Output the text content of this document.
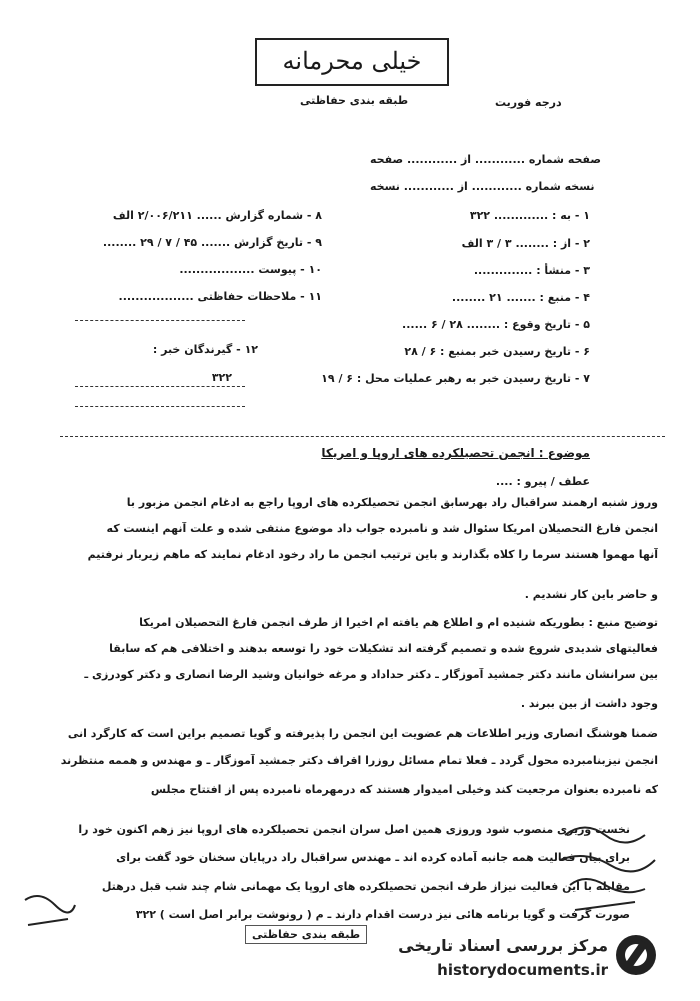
خیلی محرمانه
درجه فوریت
طبقه بندی حفاظتی
صفحه شماره ............ از ............ صفحه
نسخه شماره ............ از ............ نسخه
۱ - به : ............. ۳۲۲
۲ - از : ........ ۳ / ۳ الف
۳ - منشأ : ..............
۴ - منبع : ....... ۲۱ ........
۵ - تاریخ وقوع : ........ ۲۸ / ۶ ......
۶ - تاریخ رسیدن خبر بمنبع : ۶ / ۲۸
۷ - تاریخ رسیدن خبر به رهبر عملیات محل : ۶ / ۱۹
۸ - شماره گزارش ...... ۲/۰۰۶/۲۱۱ الف
۹ - تاریخ گزارش ....... ۴۵ / ۷ / ۲۹ ........
۱۰ - پیوست ..................
۱۱ - ملاحظات حفاظتی ..................
۱۲ - گیرندگان خبر :
۳۲۲
موضوع : انجمن تحصیلکرده های اروپا و امریکا
عطف / پیرو : ....
وروز شنبه ارهمند سراقبال راد بهرسابق انجمن تحصیلکرده های اروپا راجع به ادغام انجمن مزبور با
انجمن فارغ التحصیلان امریکا سئوال شد و نامبرده جواب داد موضوع منتفی شده و علت آنهم اینست که
آنها مهموا هستند سرما را کلاه بگذارند و باین ترتیب انجمن ما راد رخود ادغام نمایند که ماهم زیربار نرفتیم
و حاضر باین کار نشدیم .
توضیح منبع : بطوریکه شنیده ام و اطلاع هم یافته ام اخیرا از طرف انجمن فارغ التحصیلان امریکا
فعالیتهای شدیدی شروع شده و تصمیم گرفته اند تشکیلات خود را توسعه بدهند و اختلافی هم که سابقا
بین سرانشان مانند دکتر جمشید آموزگار ـ دکتر حداداد و مرغه خوانیان وشید الرضا انصاری و دکتر کودرزی ـ
وجود داشت از بین ببرند .
ضمنا هوشنگ انصاری وزیر اطلاعات هم عضویت این انجمن را پذیرفته و گویا تصمیم براین است که کارگرد انی
انجمن نیزبنامبرده محول گردد ـ فعلا تمام مسائل روزرا اقراف دکتر جمشید آموزگار ـ و مهندس و هممه منتظرند
که نامبرده بعنوان مرجعیت کند وخیلی امیدوار هستند که درمهرماه نامبرده پس از افتتاح مجلس
نخست وزیری منصوب شود وروزی همین اصل سران انجمن تحصیلکرده های اروپا نیز زهم اکنون خود را
برای بیان فعالیت همه جانبه آماده کرده اند ـ مهندس سراقبال راد درپایان سخنان خود گفت برای
مقابله با این فعالیت نیزاز طرف انجمن تحصیلکرده های اروپا یک مهمانی شام چند شب قبل درهتل
صورت گرفت و گویا برنامه هائی نیز درست اقدام دارند ـ م ( رونوشت برابر اصل است ) ۳۲۲
طبقه بندی حفاظتی
مرکز بررسی اسناد تاریخی
historydocuments.ir
